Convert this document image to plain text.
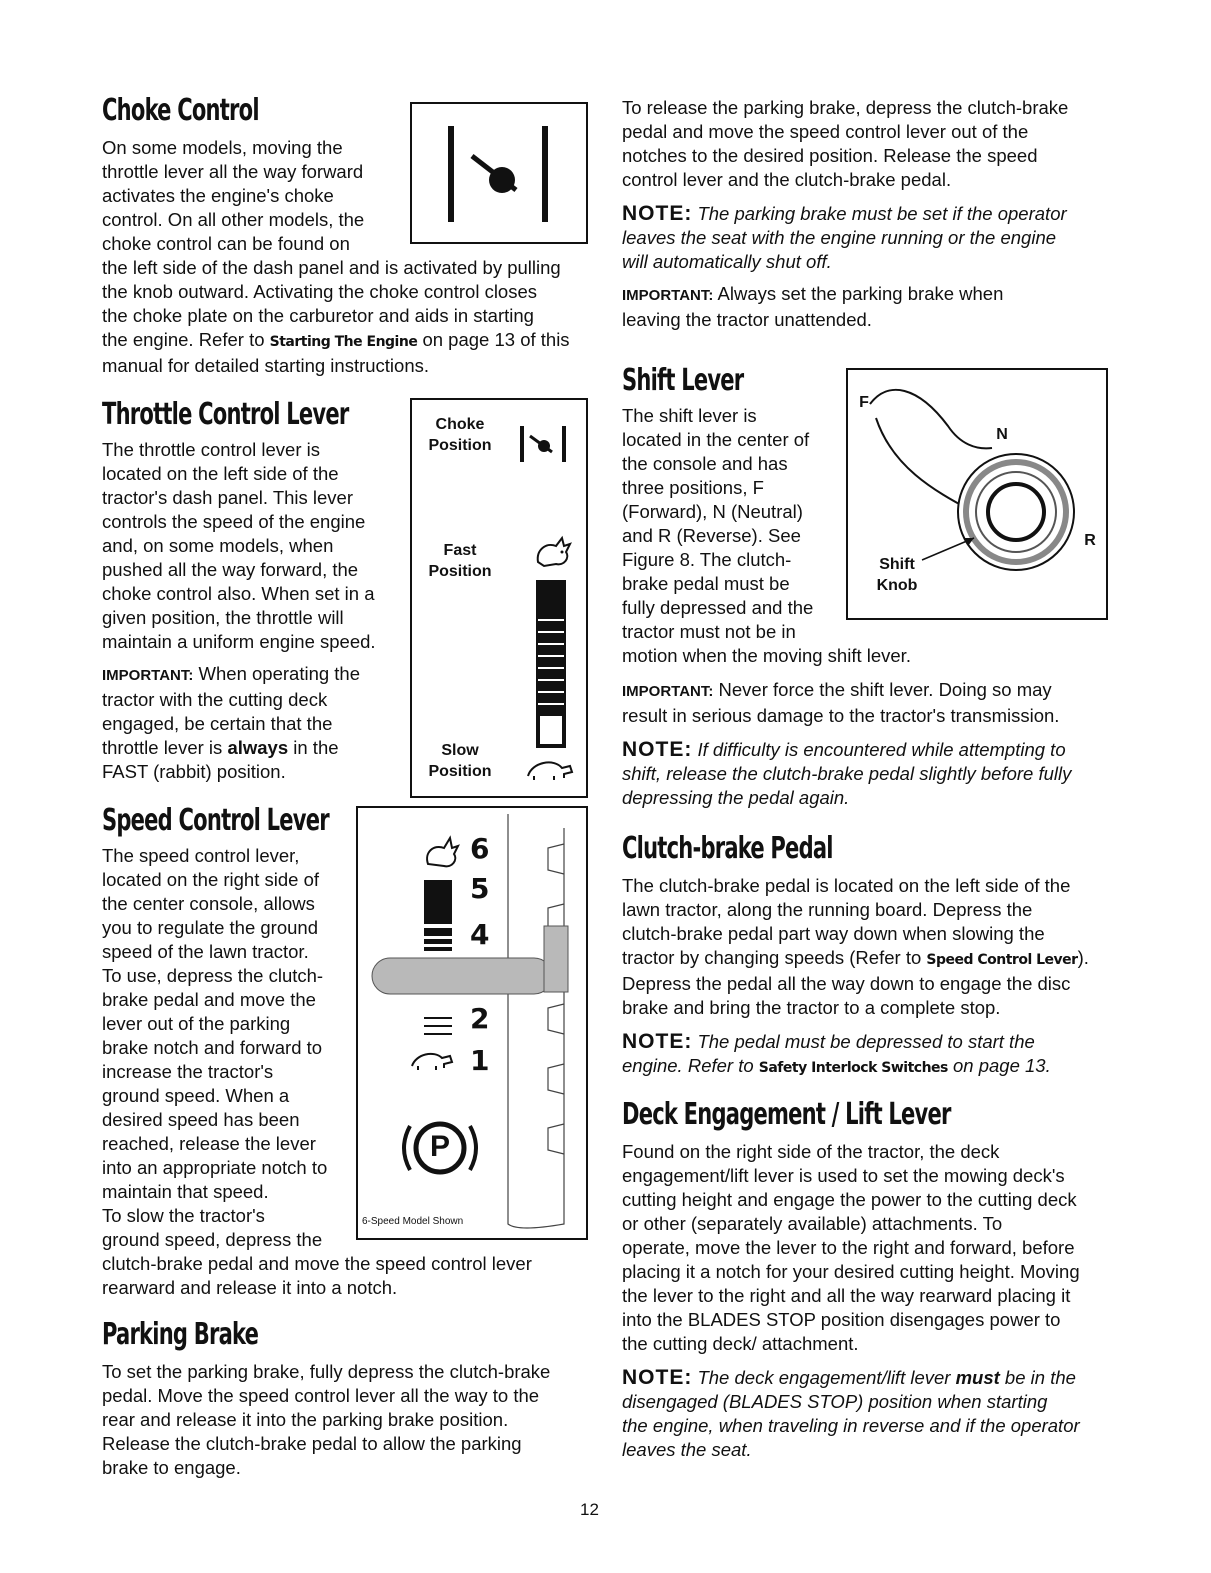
Choke Control

On some models, moving the

throttle lever all the way forward

activates the engine's choke

control. On all other models, the

choke control can be found on

the left side of the dash panel and is activated by pulling

the knob outward. Activating the choke control closes

the choke plate on the carburetor and aids in starting

the engine. Refer to Starting The Engine on page 13 of this

manual for detailed starting instructions.

Throttle Control Lever

The throttle control lever is

located on the left side of the

tractor's dash panel. This lever

controls the speed of the engine

and, on some models, when

pushed all the way forward, the

choke control also. When set in a

given position, the throttle will

maintain a uniform engine speed.

IMPORTANT: When operating the

tractor with the cutting deck

engaged, be certain that the

throttle lever is always in the

FAST (rabbit) position.

Choke
Position
Fast
Position
Slow
Position
Speed Control Lever

The speed control lever,

located on the right side of

the center console, allows

you to regulate the ground

speed of the lawn tractor.

To use, depress the clutch-

brake pedal and move the

lever out of the parking

brake notch and forward to

increase the tractor's

ground speed. When a

desired speed has been

reached, release the lever

into an appropriate notch to

maintain that speed.

To slow the tractor's

ground speed, depress the

clutch-brake pedal and move the speed control lever

rearward and release it into a notch.

6
5
4
2
1
P
6-Speed Model Shown
Parking Brake

To set the parking brake, fully depress the clutch-brake

pedal. Move the speed control lever all the way to the

rear and release it into the parking brake position.

Release the clutch-brake pedal to allow the parking

brake to engage.

To release the parking brake, depress the clutch-brake

pedal and move the speed control lever out of the

notches to the desired position. Release the speed

control lever and the clutch-brake pedal.

NOTE: The parking brake must be set if the operator

leaves the seat with the engine running or the engine

will automatically shut off.

IMPORTANT: Always set the parking brake when

leaving the tractor unattended.

Shift Lever

The shift lever is

located in the center of

the console and has

three positions, F

(Forward), N (Neutral)

and R (Reverse). See

Figure 8. The clutch-

brake pedal must be

fully depressed and the

tractor must not be in

motion when the moving shift lever.

IMPORTANT: Never force the shift lever. Doing so may

result in serious damage to the tractor's transmission.

NOTE: If difficulty is encountered while attempting to

shift, release the clutch-brake pedal slightly before fully

depressing the pedal again.

F
N
R
Shift
Knob
Clutch-brake Pedal

The clutch-brake pedal is located on the left side of the

lawn tractor, along the running board. Depress the

clutch-brake pedal part way down when slowing the

tractor by changing speeds (Refer to Speed Control Lever).

Depress the pedal all the way down to engage the disc

brake and bring the tractor to a complete stop.

NOTE: The pedal must be depressed to start the

engine. Refer to Safety Interlock Switches on page 13.

Deck Engagement / Lift Lever

Found on the right side of the tractor, the deck

engagement/lift lever is used to set the mowing deck's

cutting height and engage the power to the cutting deck

or other (separately available) attachments. To

operate, move the lever to the right and forward, before

placing it a notch for your desired cutting height. Moving

the lever to the right and all the way rearward placing it

into the BLADES STOP position disengages power to

the cutting deck/ attachment.

NOTE: The deck engagement/lift lever must be in the

disengaged (BLADES STOP) position when starting

the engine, when traveling in reverse and if the operator

leaves the seat.

12
